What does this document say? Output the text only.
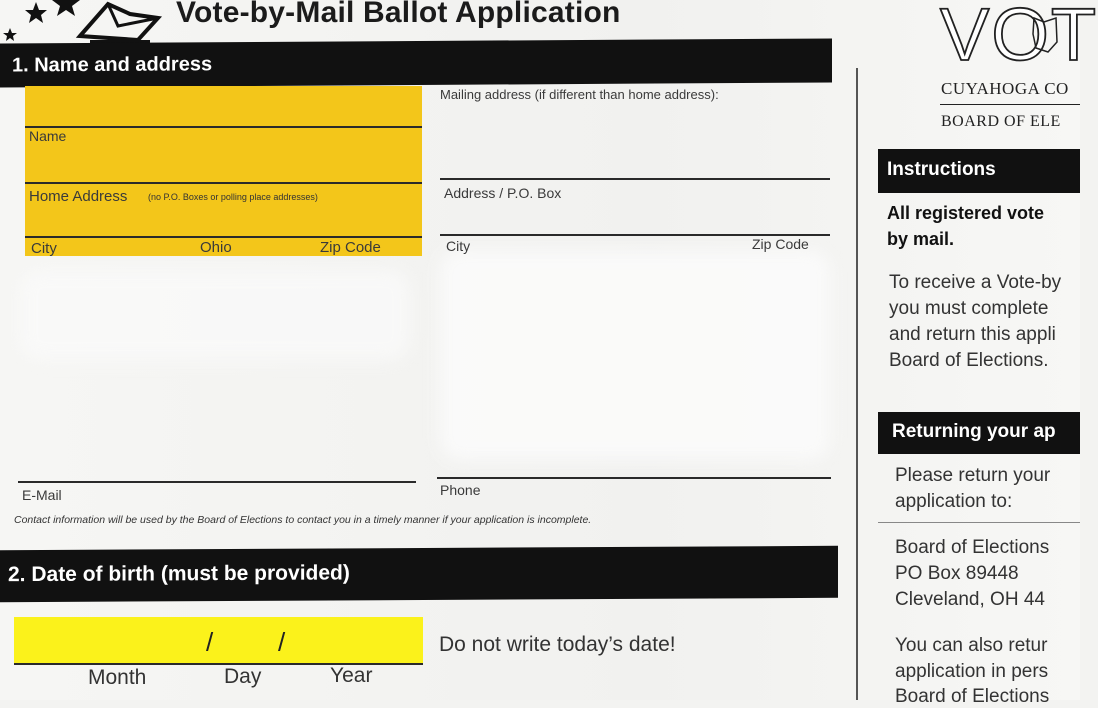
Vote-by-Mail Ballot Application
1. Name and address
Name
Home Address (no P.O. Boxes or polling place addresses)
City	Ohio	Zip Code
Mailing address (if different than home address):
Address / P.O. Box
City	Zip Code
E-Mail	Phone
Contact information will be used by the Board of Elections to contact you in a timely manner if your application is incomplete.
2. Date of birth (must be provided)
/ /
Month	Day	Year
Do not write today’s date!
VOT
CUYAHOGA CO
BOARD OF ELE
Instructions
All registered vote
by mail.
To receive a Vote-by
you must complete
and return this appli
Board of Elections.
Returning your ap
Please return your
application to:
Board of Elections
PO Box 89448
Cleveland, OH 44
You can also retur
application in pers
Board of Elections
